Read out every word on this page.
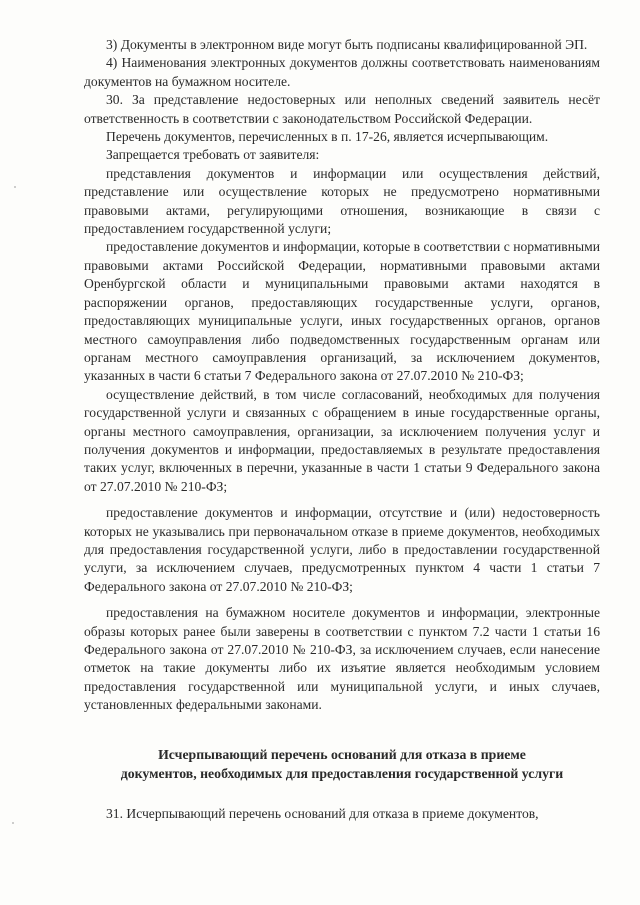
3) Документы в электронном виде могут быть подписаны квалифицированной ЭП.

4) Наименования электронных документов должны соответствовать наименованиям документов на бумажном носителе.

30. За представление недостоверных или неполных сведений заявитель несёт ответственность в соответствии с законодательством Российской Федерации.

Перечень документов, перечисленных в п. 17-26, является исчерпывающим.

Запрещается требовать от заявителя:

представления документов и информации или осуществления действий, представление или осуществление которых не предусмотрено нормативными правовыми актами, регулирующими отношения, возникающие в связи с предоставлением государственной услуги;

предоставление документов и информации, которые в соответствии с нормативными правовыми актами Российской Федерации, нормативными правовыми актами Оренбургской области и муниципальными правовыми актами находятся в распоряжении органов, предоставляющих государственные услуги, органов, предоставляющих муниципальные услуги, иных государственных органов, органов местного самоуправления либо подведомственных государственным органам или органам местного самоуправления организаций, за исключением документов, указанных в части 6 статьи 7 Федерального закона от 27.07.2010 № 210-ФЗ;

осуществление действий, в том числе согласований, необходимых для получения государственной услуги и связанных с обращением в иные государственные органы, органы местного самоуправления, организации, за исключением получения услуг и получения документов и информации, предоставляемых в результате предоставления таких услуг, включенных в перечни, указанные в части 1 статьи 9 Федерального закона от 27.07.2010 № 210-ФЗ;

предоставление документов и информации, отсутствие и (или) недостоверность которых не указывались при первоначальном отказе в приеме документов, необходимых для предоставления государственной услуги, либо в предоставлении государственной услуги, за исключением случаев, предусмотренных пунктом 4 части 1 статьи 7 Федерального закона от 27.07.2010 № 210-ФЗ;

предоставления на бумажном носителе документов и информации, электронные образы которых ранее были заверены в соответствии с пунктом 7.2 части 1 статьи 16 Федерального закона от 27.07.2010 № 210-ФЗ, за исключением случаев, если нанесение отметок на такие документы либо их изъятие является необходимым условием предоставления государственной или муниципальной услуги, и иных случаев, установленных федеральными законами.

Исчерпывающий перечень оснований для отказа в приеме
документов, необходимых для предоставления государственной услуги

31. Исчерпывающий перечень оснований для отказа в приеме документов,
